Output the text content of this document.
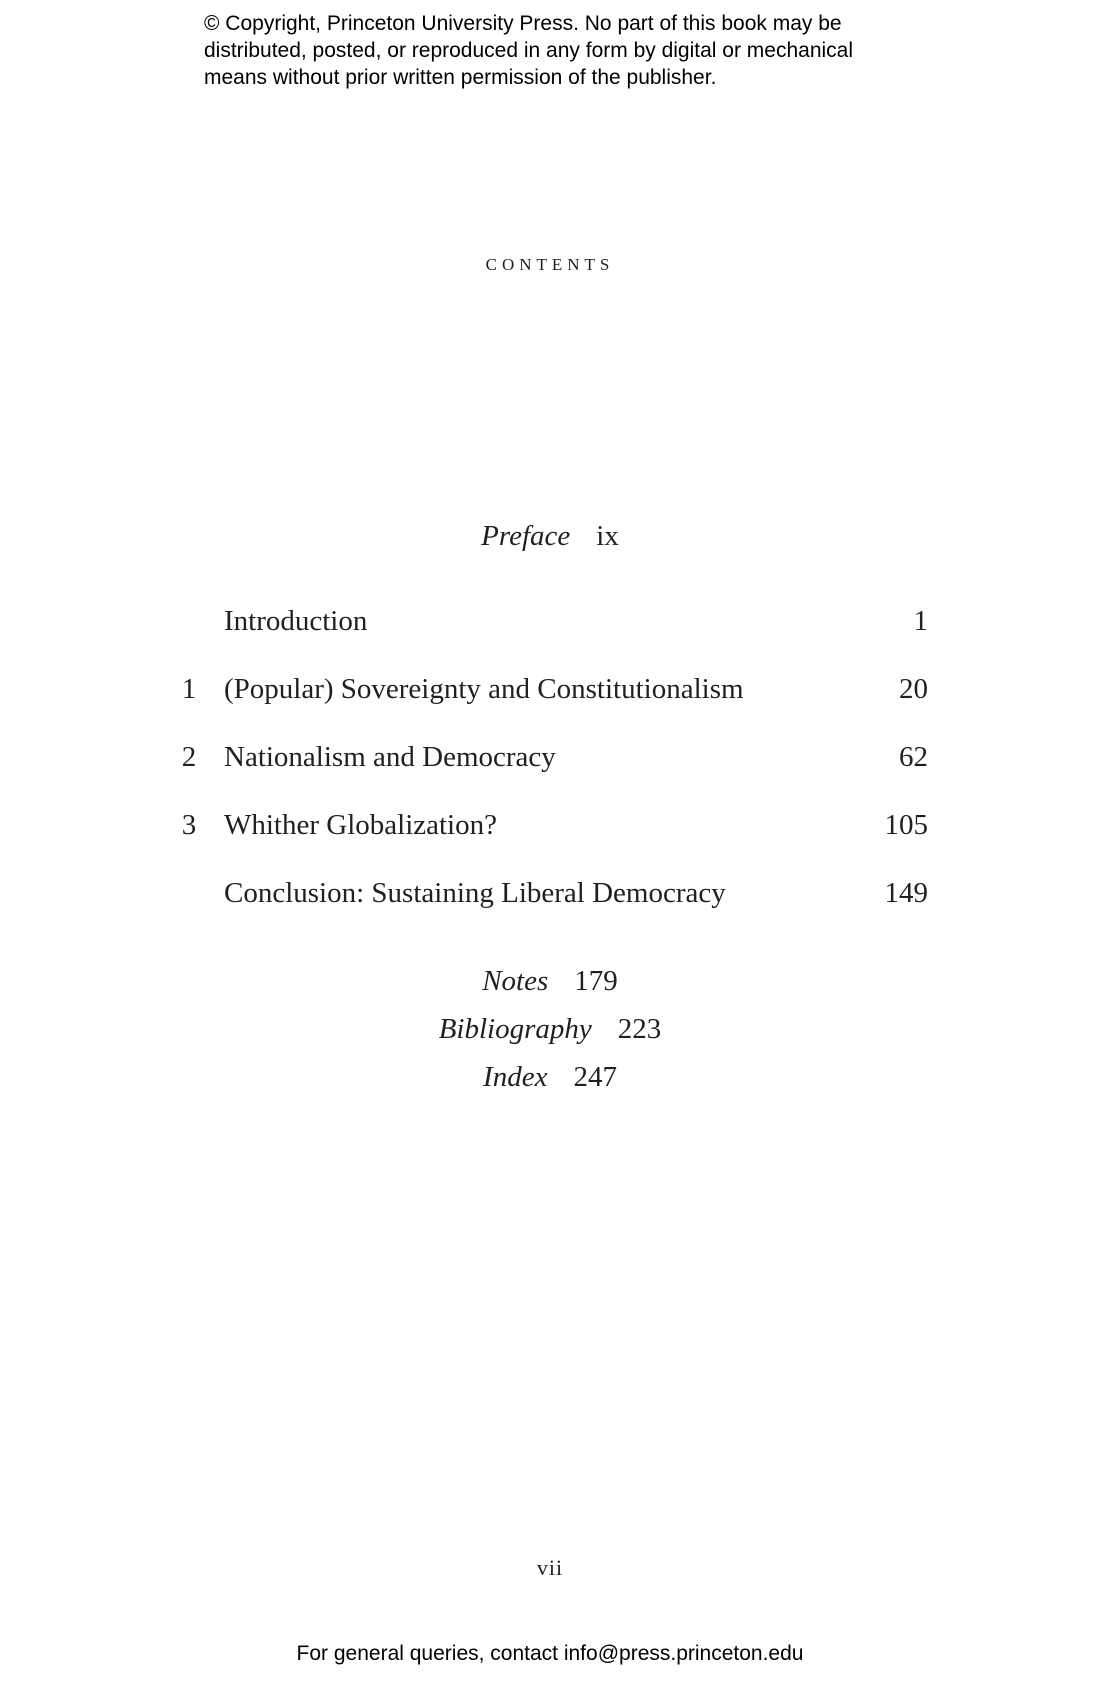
© Copyright, Princeton University Press. No part of this book may be
distributed, posted, or reproduced in any form by digital or mechanical
means without prior written permission of the publisher.
contents
Preface ix
Introduction	1
1 (Popular) Sovereignty and Constitutionalism	20
2 Nationalism and Democracy	62
3 Whither Globalization?	105
Conclusion: Sustaining Liberal Democracy	149
Notes 179
Bibliography 223
Index 247
vii
For general queries, contact info@press.princeton.edu
